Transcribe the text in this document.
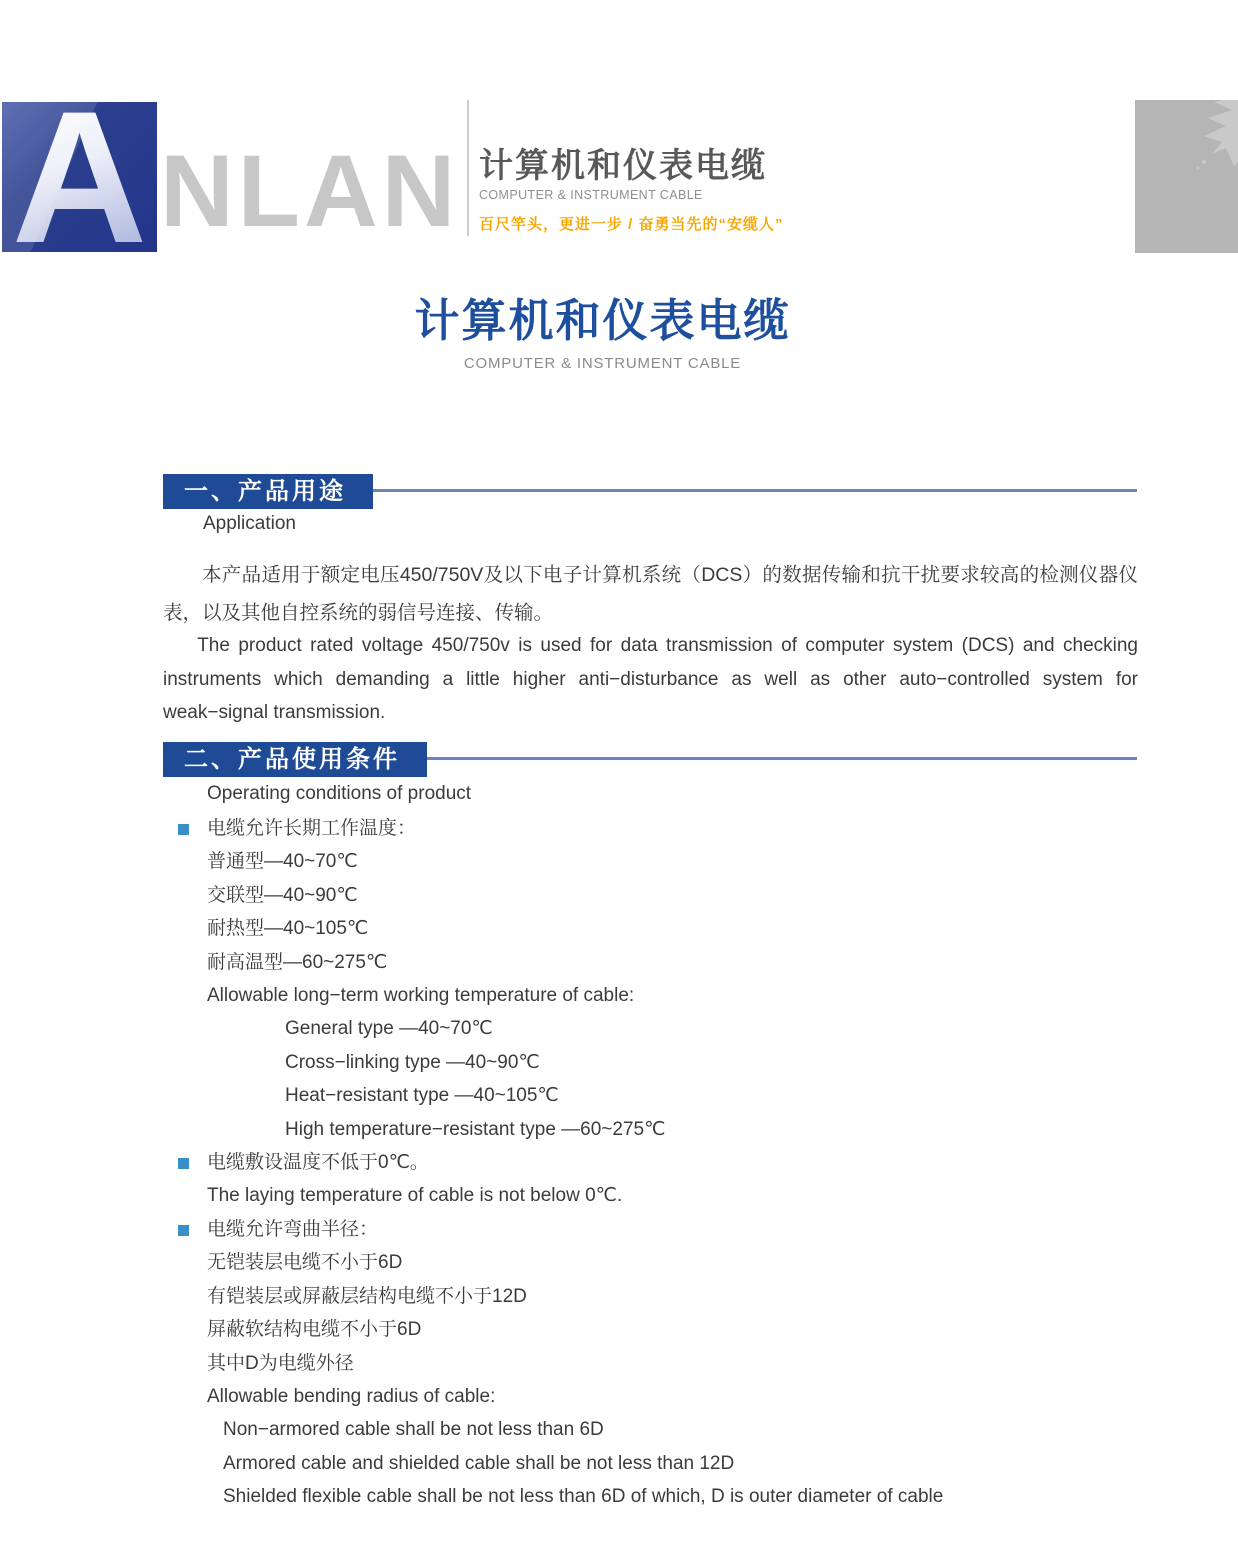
A NLAN 计算机和仪表电缆
COMPUTER & INSTRUMENT CABLE
百尺竿头，更进一步 / 奋勇当先的“安缆人”
计算机和仪表电缆
COMPUTER & INSTRUMENT CABLE
一、产品用途
Application

本产品适用于额定电压450/750V及以下电子计算机系统（DCS）的数据传输和抗干扰要求较高的检测仪器仪表，以及其他自控系统的弱信号连接、传输。

The product rated voltage 450/750v is used for data transmission of computer system (DCS) and checking instruments which demanding a little higher anti−disturbance as well as other auto−controlled system for weak−signal transmission.

二、产品使用条件
Operating conditions of product
电缆允许长期工作温度：
普通型—40~70℃
交联型—40~90℃
耐热型—40~105℃
耐高温型—60~275℃
Allowable long−term working temperature of cable:
General type —40~70℃
Cross−linking type —40~90℃
Heat−resistant type —40~105℃
High temperature−resistant type —60~275℃
电缆敷设温度不低于0℃。
The laying temperature of cable is not below 0℃.
电缆允许弯曲半径：
无铠装层电缆不小于6D
有铠装层或屏蔽层结构电缆不小于12D
屏蔽软结构电缆不小于6D
其中D为电缆外径
Allowable bending radius of cable:
Non−armored cable shall be not less than 6D
Armored cable and shielded cable shall be not less than 12D
Shielded flexible cable shall be not less than 6D of which, D is outer diameter of cable
